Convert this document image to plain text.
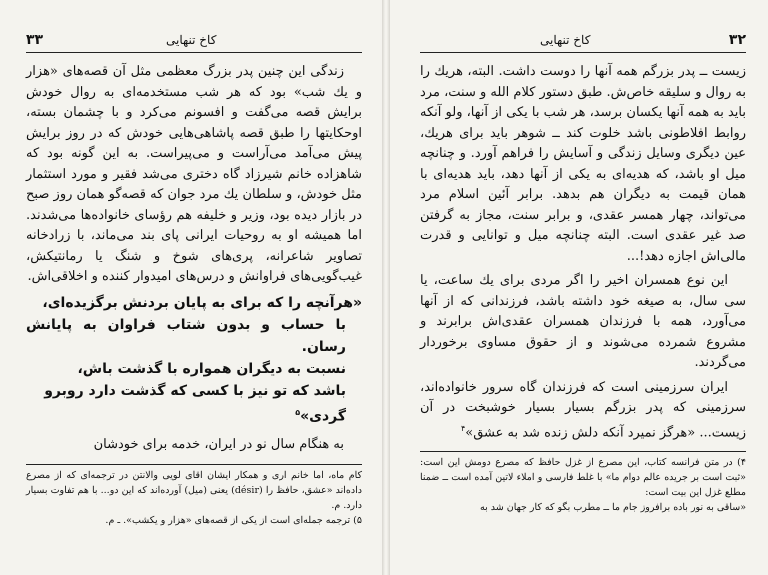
۳۳	کاخ تنهایی

زندگی این چنین پدر بزرگ معظمی مثل آن قصه‌های «هزار و یك شب» بود که هر شب مستخدمه‌ای به روال خودش برایش قصه می‌گفت و افسونم می‌کرد و با چشمان بسته، اوحکایتها را طبق قصه‌ پاشاهی‌هایی‌ خودش که در روز برایش پیش می‌آمد می‌آراست و می‌پیراست. به این گونه بود که شاهزاده خانم شیرزاد گاه دختری می‌شد فقیر و مورد استثمار مثل خودش، و سلطان یك مرد جوان که قصه‌گو همان روز صبح در بازار دیده بود، وزیر و خلیفه هم رؤسای خانواده‌ها می‌شدند. اما همیشه او به روحیات ایرانی پای بند می‌ماند، با زرادخانه تصاویر شاعرانه، پری‌های شوخ و شنگ یا رمانتیکش، غیب‌گویی‌های فراوانش و درس‌های امیدوار کننده و اخلاقی‌اش.

«هرآنچه را که برای به پایان بردنش برگزیده‌ای،
با حساب و بدون شتاب فراوان به پایانش رسان.
نسبت به دیگران همواره با گذشت باش،
باشد که تو نیز با کسی که گذشت دارد روبرو
گردی»$^۵$

به هنگام سال نو در ایران، خدمه برای خودشان

کام ماه، اما خانم اری و همکار ایشان اقای لویی والانتن در ترجمه‌ای که از مصرع داده‌اند «عشق، حافظ را (désir) یعنی (میل) آورده‌اند که این دو... با هم تفاوت بسیار دارد. م.

۵) ترجمه‌ جمله‌ای است از یکی از قصه‌های «هزار و یکشب». ـ م.

کاخ تنهایی	۳۲

زیست ــ پدر بزرگم همه آنها را دوست داشت. البته، هریك را به روال و سلیقه خاص‌ش. طبق دستور کلام الله و سنت، مرد باید به همه آنها یکسان برسد، هر شب با یکی از آنها، ولو آنکه روابط افلاطونی باشد خلوت کند ــ شوهر باید برای هریك، عین دیگری وسایل زندگی و آسایش را فراهم آورد. و چنانچه میل او باشد، که هدیه‌ای به یکی از آنها دهد، باید هدیه‌ای با همان قیمت به دیگران هم بدهد. برابر آئین اسلام مرد می‌تواند، چهار همسر عقدی، و برابر سنت، مجاز به گرفتن صد غیر عقدی است. البته چنانچه میل و توانایی و قدرت مالی‌اش اجازه دهد!...

این نوع همسران اخیر را اگر مردی برای یك ساعت، یا سی سال، به صیغه خود داشته باشد، فرزندانی که از آنها می‌آورد، همه با فرزندان همسران عقدی‌اش برابرند و مشروع شمرده می‌شوند و از حقوق مساوی برخوردار می‌گردند.

ایران سرزمینی است که فرزندان گاه سرور خانواده‌اند، سرزمینی که پدر بزرگم بسیار بسیار خوشبخت در آن زیست... «هرگز نمیرد آنکه دلش زنده شد به عشق»$^۴$

۴) در متن فرانسه کتاب، این مصرع از غزل حافظ که مصرع دومش این است: «ثبت است بر جریده عالم دوام ما» با غلط فارسی و املاء لاتین آمده است ــ ضمنا مطلع غزل این بیت است:

«ساقی به نور باده برافروز جام ما ــ مطرب بگو که کار جهان شد به
